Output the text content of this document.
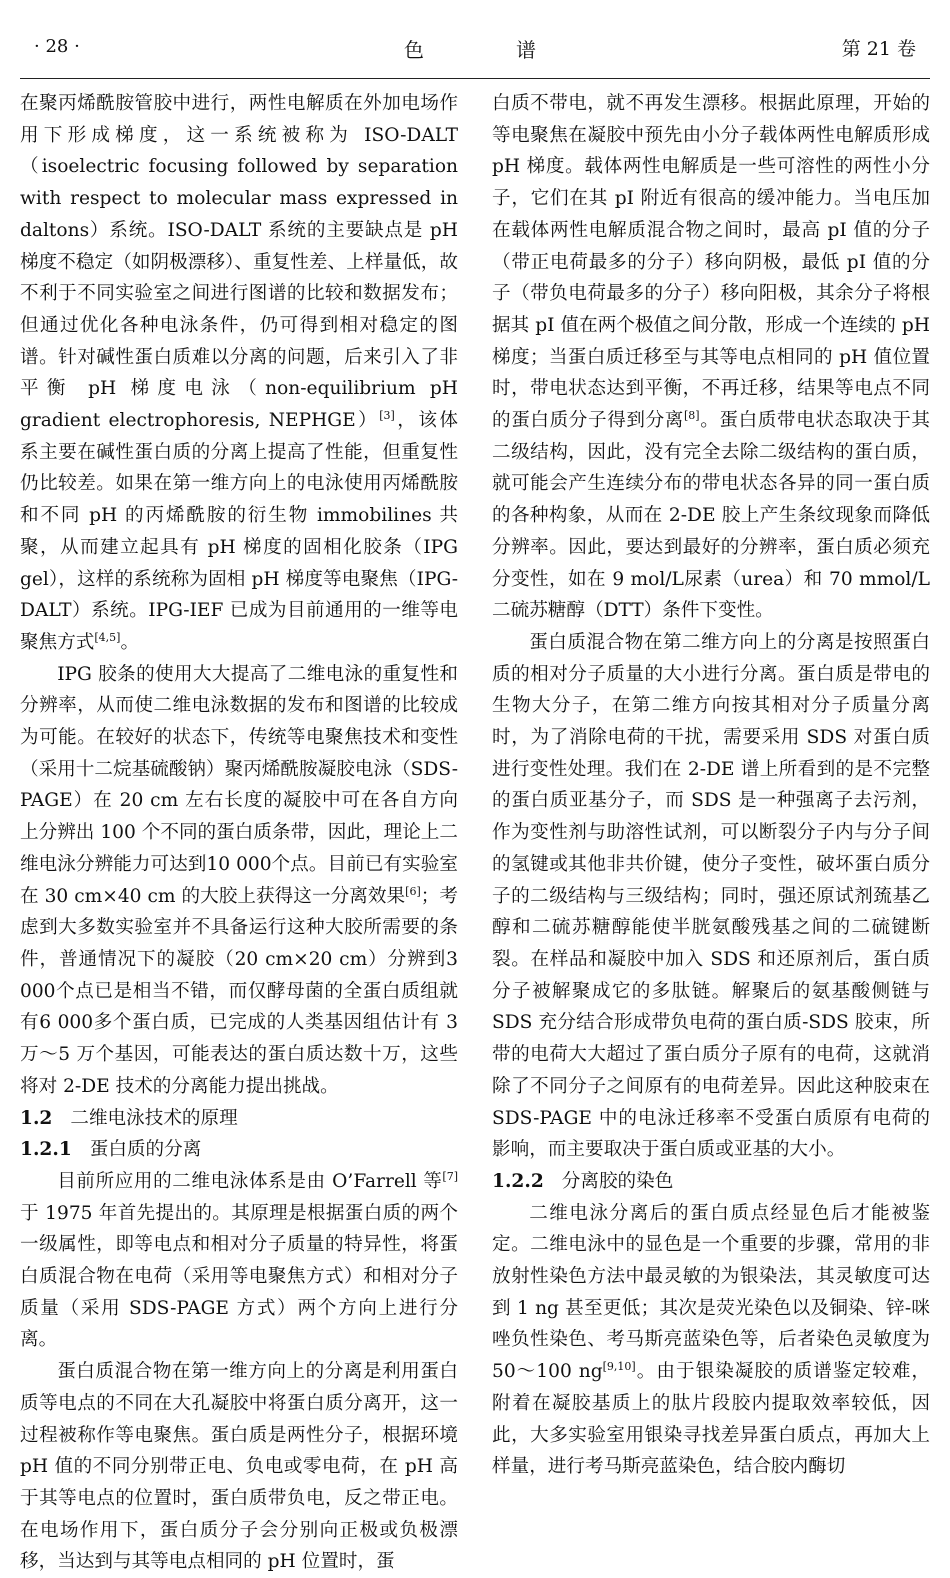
· 28 ·	色谱	第 21 卷

在聚丙烯酰胺管胶中进行，两性电解质在外加电场作用下形成梯度，这一系统被称为 ISO-DALT（isoelectric focusing followed by separation with respect to molecular mass expressed in daltons）系统。ISO-DALT 系统的主要缺点是 pH 梯度不稳定（如阴极漂移）、重复性差、上样量低，故不利于不同实验室之间进行图谱的比较和数据发布；但通过优化各种电泳条件，仍可得到相对稳定的图谱。针对碱性蛋白质难以分离的问题，后来引入了非平衡 pH 梯度电泳（non-equilibrium pH gradient electrophoresis, NEPHGE）[3]，该体系主要在碱性蛋白质的分离上提高了性能，但重复性仍比较差。如果在第一维方向上的电泳使用丙烯酰胺和不同 pH 的丙烯酰胺的衍生物 immobilines 共聚，从而建立起具有 pH 梯度的固相化胶条（IPG gel），这样的系统称为固相 pH 梯度等电聚焦（IPG-DALT）系统。IPG-IEF 已成为目前通用的一维等电聚焦方式[4,5]。

IPG 胶条的使用大大提高了二维电泳的重复性和分辨率，从而使二维电泳数据的发布和图谱的比较成为可能。在较好的状态下，传统等电聚焦技术和变性（采用十二烷基硫酸钠）聚丙烯酰胺凝胶电泳（SDS-PAGE）在 20 cm 左右长度的凝胶中可在各自方向上分辨出 100 个不同的蛋白质条带，因此，理论上二维电泳分辨能力可达到10 000个点。目前已有实验室在 30 cm×40 cm 的大胶上获得这一分离效果[6]；考虑到大多数实验室并不具备运行这种大胶所需要的条件，普通情况下的凝胶（20 cm×20 cm）分辨到3 000个点已是相当不错，而仅酵母菌的全蛋白质组就有6 000多个蛋白质，已完成的人类基因组估计有 3 万～5 万个基因，可能表达的蛋白质达数十万，这些将对 2-DE 技术的分离能力提出挑战。

1.2 二维电泳技术的原理
1.2.1 蛋白质的分离

目前所应用的二维电泳体系是由 O’Farrell 等[7]于 1975 年首先提出的。其原理是根据蛋白质的两个一级属性，即等电点和相对分子质量的特异性，将蛋白质混合物在电荷（采用等电聚焦方式）和相对分子质量（采用 SDS-PAGE 方式）两个方向上进行分离。

蛋白质混合物在第一维方向上的分离是利用蛋白质等电点的不同在大孔凝胶中将蛋白质分离开，这一过程被称作等电聚焦。蛋白质是两性分子，根据环境 pH 值的不同分别带正电、负电或零电荷，在 pH 高于其等电点的位置时，蛋白质带负电，反之带正电。在电场作用下，蛋白质分子会分别向正极或负极漂移，当达到与其等电点相同的 pH 位置时，蛋

白质不带电，就不再发生漂移。根据此原理，开始的等电聚焦在凝胶中预先由小分子载体两性电解质形成 pH 梯度。载体两性电解质是一些可溶性的两性小分子，它们在其 pI 附近有很高的缓冲能力。当电压加在载体两性电解质混合物之间时，最高 pI 值的分子（带正电荷最多的分子）移向阴极，最低 pI 值的分子（带负电荷最多的分子）移向阳极，其余分子将根据其 pI 值在两个极值之间分散，形成一个连续的 pH 梯度；当蛋白质迁移至与其等电点相同的 pH 值位置时，带电状态达到平衡，不再迁移，结果等电点不同的蛋白质分子得到分离[8]。蛋白质带电状态取决于其二级结构，因此，没有完全去除二级结构的蛋白质，就可能会产生连续分布的带电状态各异的同一蛋白质的各种构象，从而在 2-DE 胶上产生条纹现象而降低分辨率。因此，要达到最好的分辨率，蛋白质必须充分变性，如在 9 mol/L尿素（urea）和 70 mmol/L 二硫苏糖醇（DTT）条件下变性。

蛋白质混合物在第二维方向上的分离是按照蛋白质的相对分子质量的大小进行分离。蛋白质是带电的生物大分子，在第二维方向按其相对分子质量分离时，为了消除电荷的干扰，需要采用 SDS 对蛋白质进行变性处理。我们在 2-DE 谱上所看到的是不完整的蛋白质亚基分子，而 SDS 是一种强离子去污剂，作为变性剂与助溶性试剂，可以断裂分子内与分子间的氢键或其他非共价键，使分子变性，破坏蛋白质分子的二级结构与三级结构；同时，强还原试剂巯基乙醇和二硫苏糖醇能使半胱氨酸残基之间的二硫键断裂。在样品和凝胶中加入 SDS 和还原剂后，蛋白质分子被解聚成它的多肽链。解聚后的氨基酸侧链与 SDS 充分结合形成带负电荷的蛋白质-SDS 胶束，所带的电荷大大超过了蛋白质分子原有的电荷，这就消除了不同分子之间原有的电荷差异。因此这种胶束在 SDS-PAGE 中的电泳迁移率不受蛋白质原有电荷的影响，而主要取决于蛋白质或亚基的大小。

1.2.2 分离胶的染色

二维电泳分离后的蛋白质点经显色后才能被鉴定。二维电泳中的显色是一个重要的步骤，常用的非放射性染色方法中最灵敏的为银染法，其灵敏度可达到 1 ng 甚至更低；其次是荧光染色以及铜染、锌-咪唑负性染色、考马斯亮蓝染色等，后者染色灵敏度为 50～100 ng[9,10]。由于银染凝胶的质谱鉴定较难，附着在凝胶基质上的肽片段胶内提取效率较低，因此，大多实验室用银染寻找差异蛋白质点，再加大上样量，进行考马斯亮蓝染色，结合胶内酶切
